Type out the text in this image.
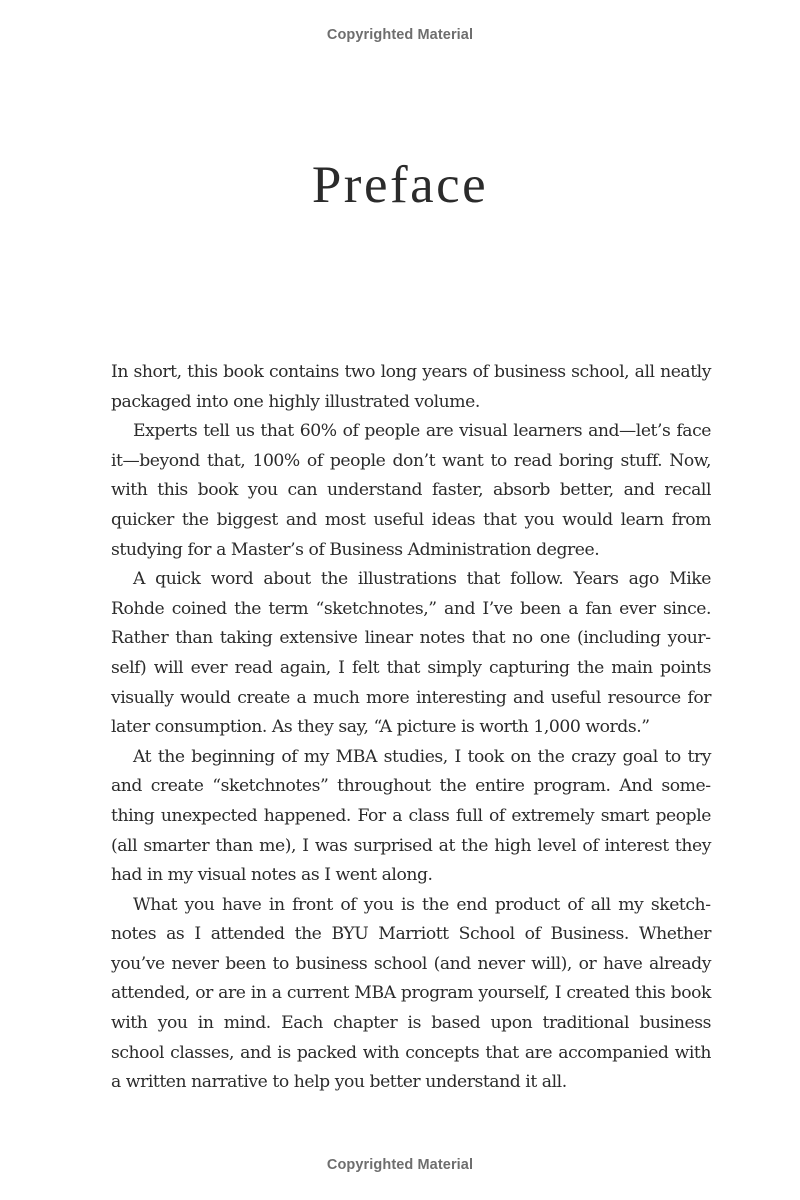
Copyrighted Material
Preface

In short, this book contains two long years of business school, all neatly packaged into one highly illustrated volume.

Experts tell us that 60% of people are visual learners and—let’s face it—beyond that, 100% of people don’t want to read boring stuff. Now, with this book you can understand faster, absorb better, and recall quicker the biggest and most useful ideas that you would learn from studying for a Master’s of Business Administration degree.

A quick word about the illustrations that follow. Years ago Mike Rohde coined the term “sketchnotes,” and I’ve been a fan ever since. Rather than taking extensive linear notes that no one (including yourself) will ever read again, I felt that simply capturing the main points visually would create a much more interesting and useful resource for later consumption. As they say, “A picture is worth 1,000 words.”

At the beginning of my MBA studies, I took on the crazy goal to try and create “sketchnotes” throughout the entire program. And something unexpected happened. For a class full of extremely smart people (all smarter than me), I was surprised at the high level of interest they had in my visual notes as I went along.

What you have in front of you is the end product of all my sketchnotes as I attended the BYU Marriott School of Business. Whether you’ve never been to business school (and never will), or have already attended, or are in a current MBA program yourself, I created this book with you in mind. Each chapter is based upon traditional business school classes, and is packed with concepts that are accompanied with a written narrative to help you better understand it all.

Copyrighted Material
